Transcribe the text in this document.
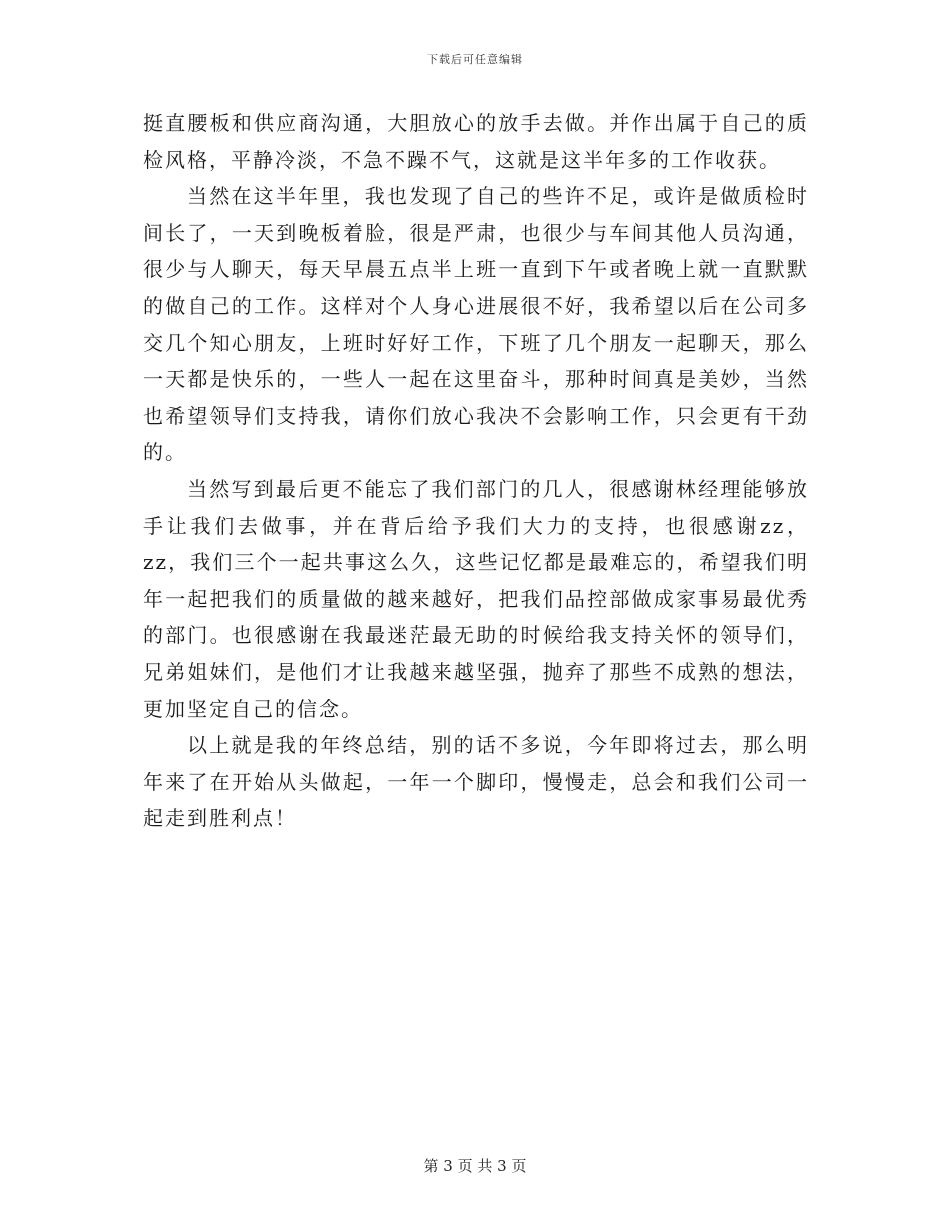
下载后可任意编辑

挺直腰板和供应商沟通，大胆放心的放手去做。并作出属于自己的质检风格，平静冷淡，不急不躁不气，这就是这半年多的工作收获。

当然在这半年里，我也发现了自己的些许不足，或许是做质检时间长了，一天到晚板着脸，很是严肃，也很少与车间其他人员沟通，很少与人聊天，每天早晨五点半上班一直到下午或者晚上就一直默默的做自己的工作。这样对个人身心进展很不好，我希望以后在公司多交几个知心朋友，上班时好好工作，下班了几个朋友一起聊天，那么一天都是快乐的，一些人一起在这里奋斗，那种时间真是美妙，当然也希望领导们支持我，请你们放心我决不会影响工作，只会更有干劲的。

当然写到最后更不能忘了我们部门的几人，很感谢林经理能够放手让我们去做事，并在背后给予我们大力的支持，也很感谢zz，zz，我们三个一起共事这么久，这些记忆都是最难忘的，希望我们明年一起把我们的质量做的越来越好，把我们品控部做成家事易最优秀的部门。也很感谢在我最迷茫最无助的时候给我支持关怀的领导们，兄弟姐妹们，是他们才让我越来越坚强，抛弃了那些不成熟的想法，更加坚定自己的信念。

以上就是我的年终总结，别的话不多说，今年即将过去，那么明年来了在开始从头做起，一年一个脚印，慢慢走，总会和我们公司一起走到胜利点！

第 3 页 共 3 页
